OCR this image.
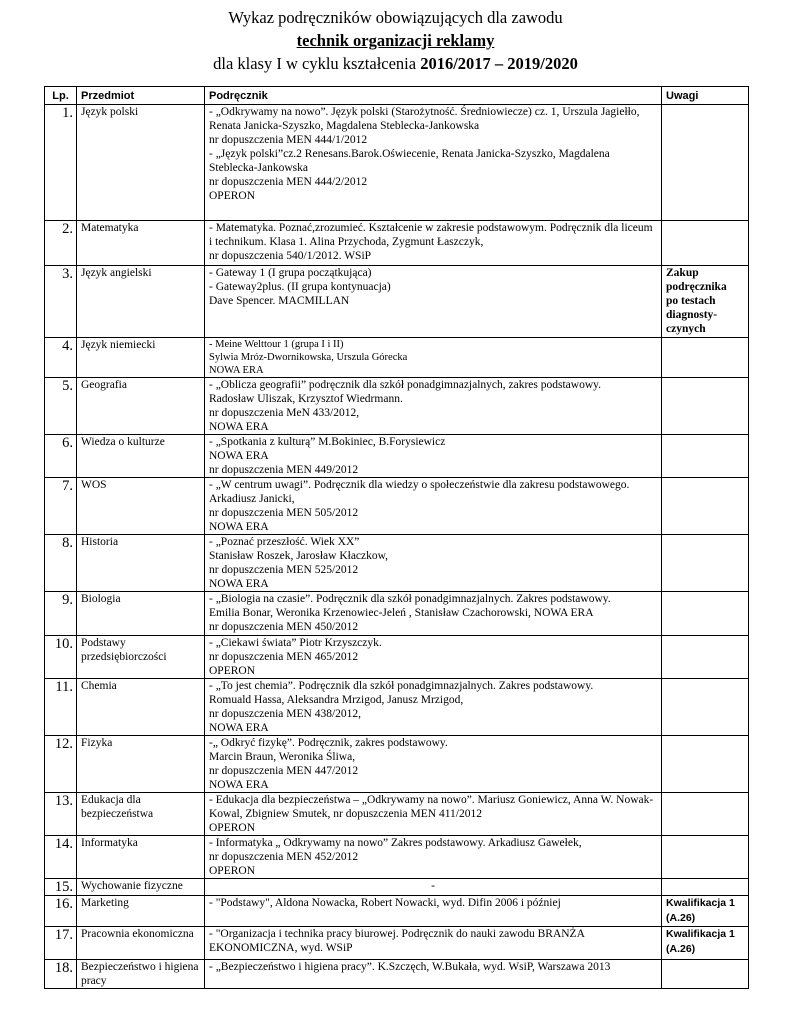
Wykaz podręczników obowiązujących dla zawodu
technik organizacji reklamy
dla klasy I w cyklu kształcenia 2016/2017 – 2019/2020
Lp.	Przedmiot	Podręcznik	Uwagi
1.	Język polski	- „Odkrywamy na nowo”. Język polski (Starożytność. Średniowiecze) cz. 1, Urszula Jagiełło, Renata Janicka-Szyszko, Magdalena Steblecka-Jankowska
nr dopuszczenia MEN 444/1/2012
- „Język polski”cz.2 Renesans.Barok.Oświecenie, Renata Janicka-Szyszko, Magdalena Steblecka-Jankowska
nr dopuszczenia MEN 444/2/2012
OPERON	
2.	Matematyka	- Matematyka. Poznać,zrozumieć. Kształcenie w zakresie podstawowym. Podręcznik dla liceum i technikum. Klasa 1. Alina Przychoda, Zygmunt Łaszczyk,
nr dopuszczenia 540/1/2012. WSiP	
3.	Język angielski	- Gateway 1 (I grupa początkująca)
- Gateway2plus. (II grupa kontynuacja)
Dave Spencer. MACMILLAN	Zakup
podręcznika
po testach
diagnosty-
czynych
4.	Język niemiecki	- Meine Welttour 1 (grupa I i II)
Sylwia Mróz-Dwornikowska, Urszula Górecka
NOWA ERA	
5.	Geografia	- „Oblicza geografii” podręcznik dla szkół ponadgimnazjalnych, zakres podstawowy.
Radosław Uliszak, Krzysztof Wiedrmann.
nr dopuszczenia MeN 433/2012,
NOWA ERA	
6.	Wiedza o kulturze	- „Spotkania z kulturą” M.Bokiniec, B.Forysiewicz
NOWA ERA
nr dopuszczenia MEN 449/2012	
7.	WOS	- „W centrum uwagi”. Podręcznik dla wiedzy o społeczeństwie dla zakresu podstawowego.
Arkadiusz Janicki,
nr dopuszczenia MEN 505/2012
NOWA ERA	
8.	Historia	- „Poznać przeszłość. Wiek XX”
Stanisław Roszek, Jarosław Kłaczkow,
nr dopuszczenia MEN 525/2012
NOWA ERA	
9.	Biologia	- „Biologia na czasie”. Podręcznik dla szkół ponadgimnazjalnych. Zakres podstawowy.
Emilia Bonar, Weronika Krzenowiec-Jeleń , Stanisław Czachorowski, NOWA ERA
nr dopuszczenia MEN 450/2012	
10.	Podstawy przedsiębiorczości	- „Ciekawi świata” Piotr Krzyszczyk.
nr dopuszczenia MEN 465/2012
OPERON	
11.	Chemia	- „To jest chemia”. Podręcznik dla szkół ponadgimnazjalnych. Zakres podstawowy.
Romuald Hassa, Aleksandra Mrzigod, Janusz Mrzigod,
nr dopuszczenia MEN 438/2012,
NOWA ERA	
12.	Fizyka	-„ Odkryć fizykę”. Podręcznik, zakres podstawowy.
Marcin Braun, Weronika Śliwa,
nr dopuszczenia MEN 447/2012
NOWA ERA	
13.	Edukacja dla bezpieczeństwa	- Edukacja dla bezpieczeństwa – „Odkrywamy na nowo”. Mariusz Goniewicz, Anna W. Nowak-Kowal, Zbigniew Smutek, nr dopuszczenia MEN 411/2012
OPERON	
14.	Informatyka	- Informatyka „ Odkrywamy na nowo” Zakres podstawowy. Arkadiusz Gawełek,
nr dopuszczenia MEN 452/2012
OPERON	
15.	Wychowanie fizyczne	-	
16.	Marketing	- "Podstawy", Aldona Nowacka, Robert Nowacki, wyd. Difin 2006 i później	Kwalifikacja 1
(A.26)
17.	Pracownia ekonomiczna	- "Organizacja i technika pracy biurowej. Podręcznik do nauki zawodu BRANŻA EKONOMICZNA, wyd. WSiP	Kwalifikacja 1
(A.26)
18.	Bezpieczeństwo i higiena pracy	- „Bezpieczeństwo i higiena pracy”. K.Szczęch, W.Bukała, wyd. WsiP, Warszawa 2013	
